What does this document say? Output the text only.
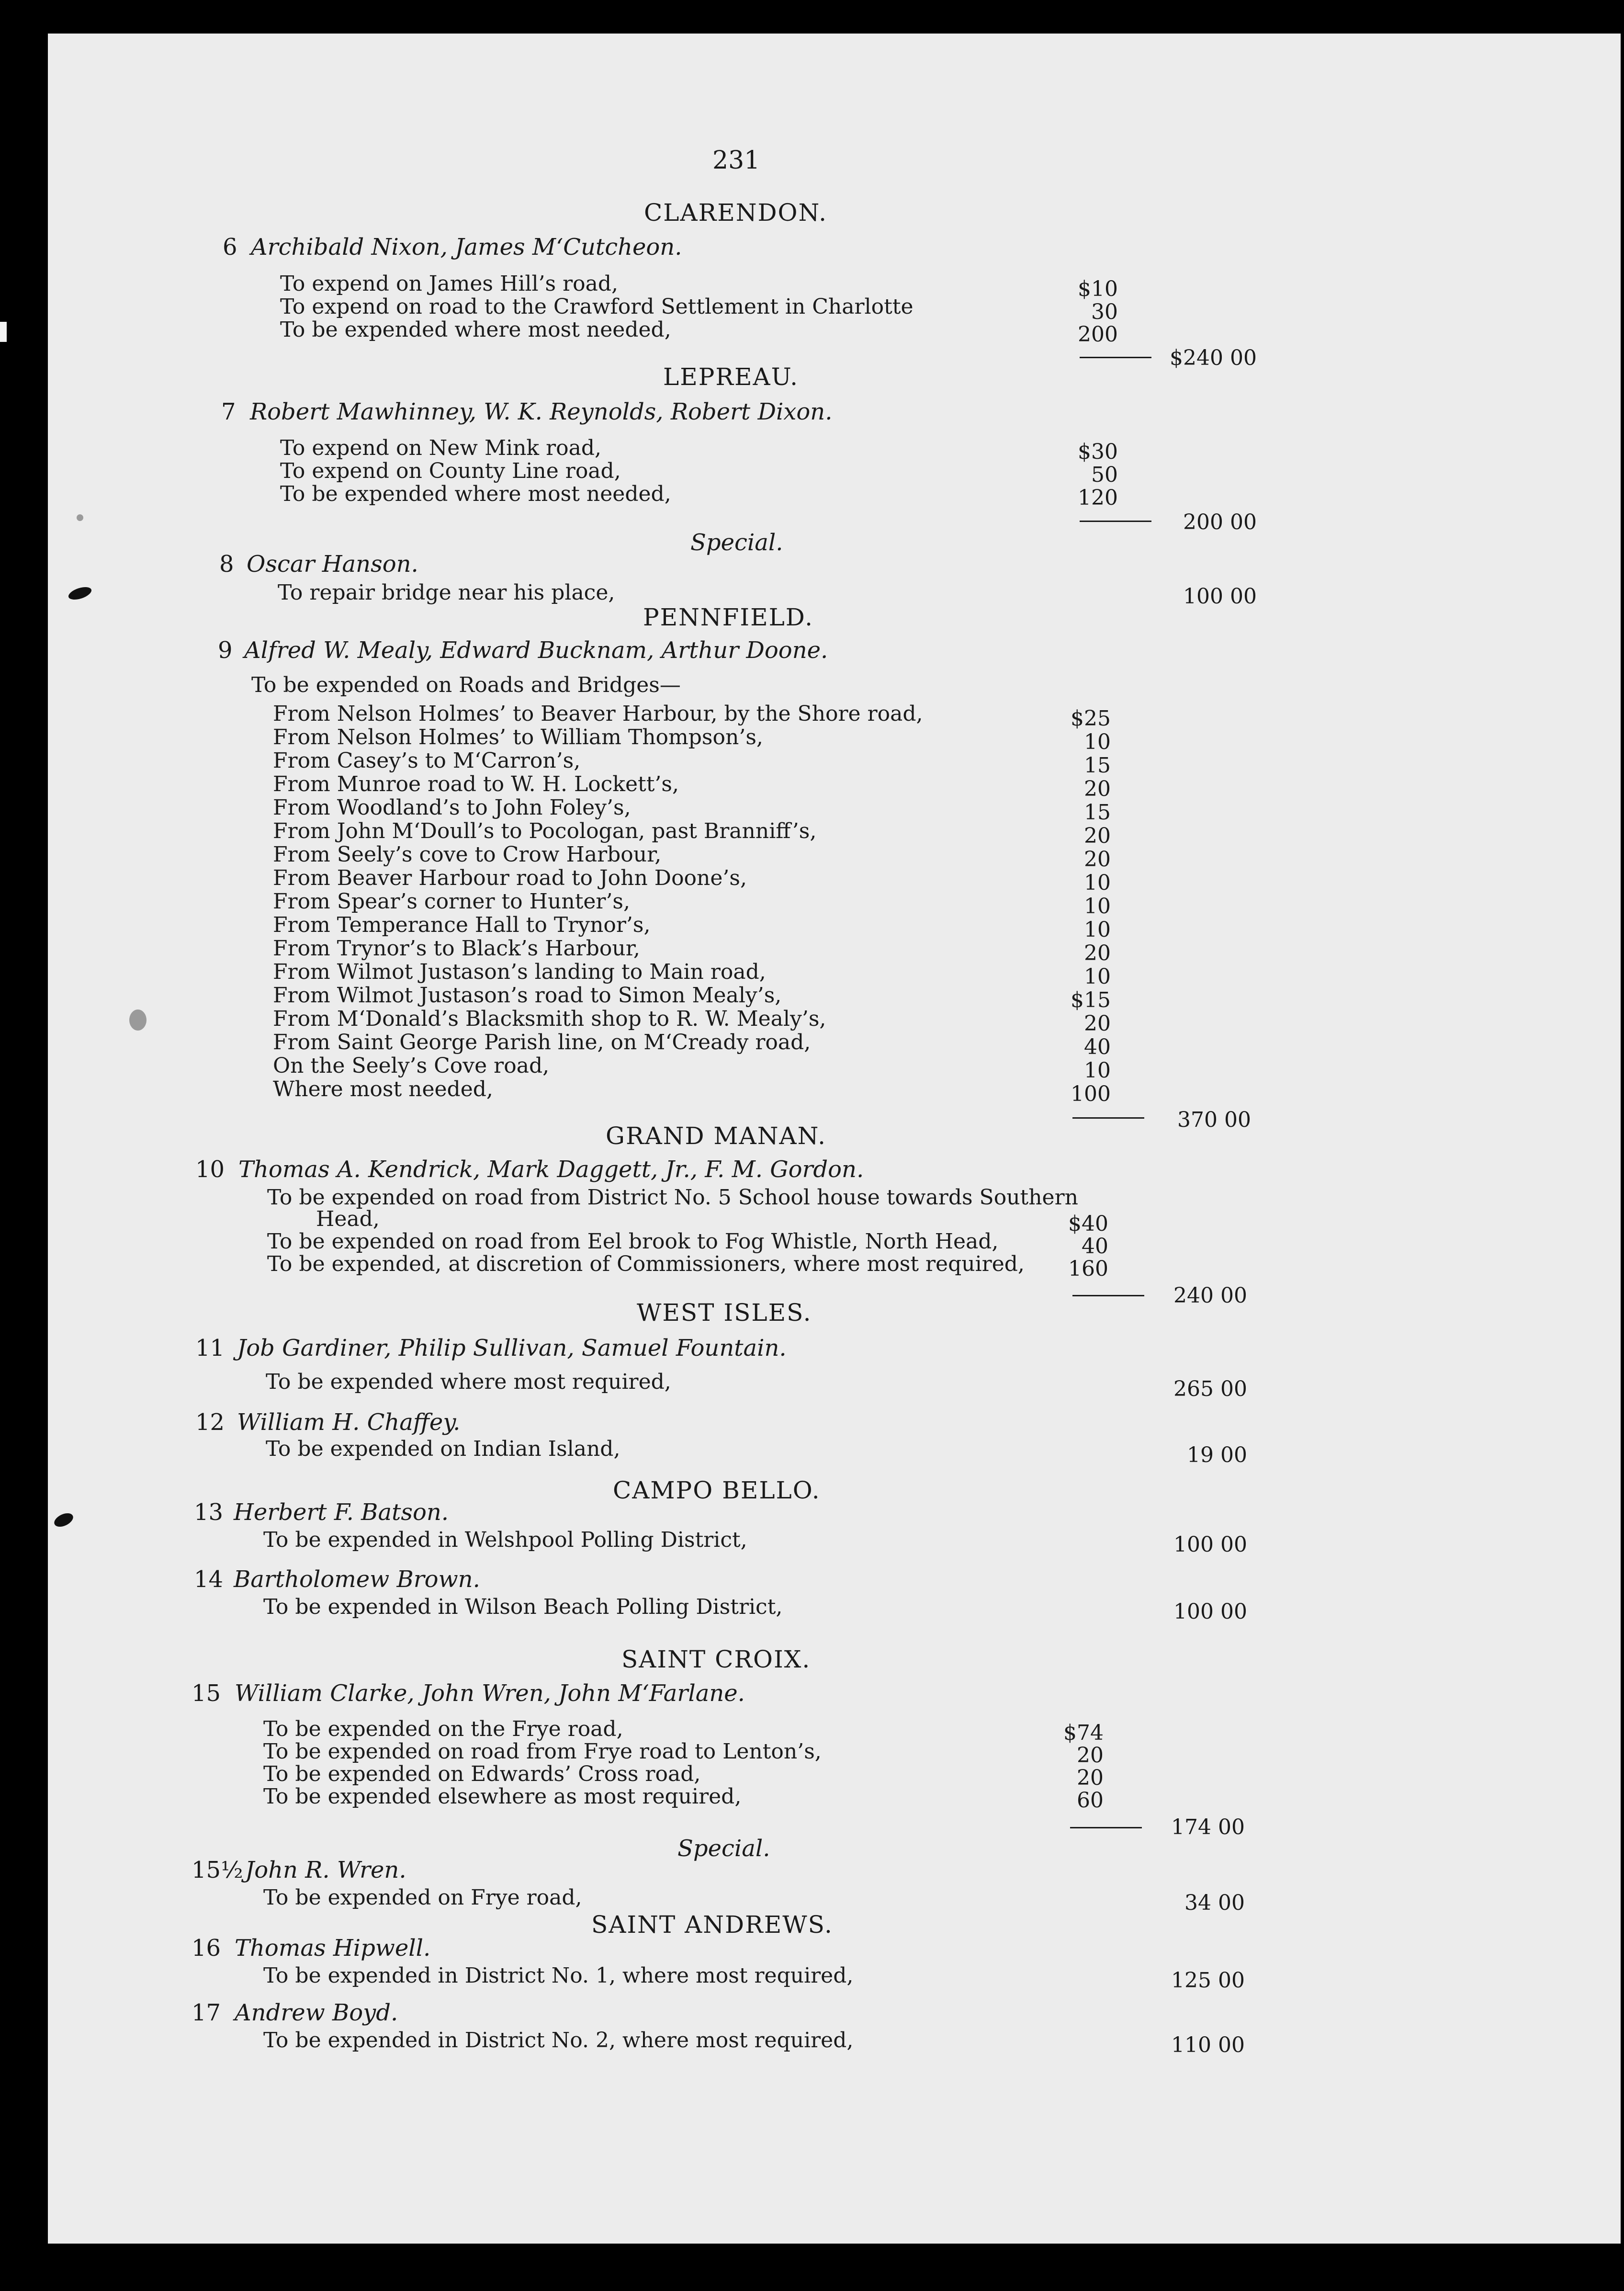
231
CLARENDON.
6 Archibald Nixon, James M‘Cutcheon.
To expend on James Hill’s road,	$10
To expend on road to the Crawford Settlement in Charlotte	30
To be expended where most needed,	200
$240 00
LEPREAU.
7 Robert Mawhinney, W. K. Reynolds, Robert Dixon.
To expend on New Mink road,	$30
To expend on County Line road,	50
To be expended where most needed,	120
200 00
Special.
8 Oscar Hanson.
To repair bridge near his place,	100 00
PENNFIELD.
9 Alfred W. Mealy, Edward Bucknam, Arthur Doone.
To be expended on Roads and Bridges—
From Nelson Holmes’ to Beaver Harbour, by the Shore road,	$25
From Nelson Holmes’ to William Thompson’s,	10
From Casey’s to M‘Carron’s,	15
From Munroe road to W. H. Lockett’s,	20
From Woodland’s to John Foley’s,	15
From John M‘Doull’s to Pocologan, past Branniff’s,	20
From Seely’s cove to Crow Harbour,	20
From Beaver Harbour road to John Doone’s,	10
From Spear’s corner to Hunter’s,	10
From Temperance Hall to Trynor’s,	10
From Trynor’s to Black’s Harbour,	20
From Wilmot Justason’s landing to Main road,	10
From Wilmot Justason’s road to Simon Mealy’s,	$15
From M‘Donald’s Blacksmith shop to R. W. Mealy’s,	20
From Saint George Parish line, on M‘Cready road,	40
On the Seely’s Cove road,	10
Where most needed,	100
370 00
GRAND MANAN.
10 Thomas A. Kendrick, Mark Daggett, Jr., F. M. Gordon.
To be expended on road from District No. 5 School house towards Southern
Head,	$40
To be expended on road from Eel brook to Fog Whistle, North Head,	40
To be expended, at discretion of Commissioners, where most required,	160
240 00
WEST ISLES.
11 Job Gardiner, Philip Sullivan, Samuel Fountain.
To be expended where most required,	265 00
12 William H. Chaffey.
To be expended on Indian Island,	19 00
CAMPO BELLO.
13 Herbert F. Batson.
To be expended in Welshpool Polling District,	100 00
14 Bartholomew Brown.
To be expended in Wilson Beach Polling District,	100 00
SAINT CROIX.
15 William Clarke, John Wren, John M‘Farlane.
To be expended on the Frye road,	$74
To be expended on road from Frye road to Lenton’s,	20
To be expended on Edwards’ Cross road,	20
To be expended elsewhere as most required,	60
174 00
Special.
15½ John R. Wren.
To be expended on Frye road,	34 00
SAINT ANDREWS.
16 Thomas Hipwell.
To be expended in District No. 1, where most required,	125 00
17 Andrew Boyd.
To be expended in District No. 2, where most required,	110 00
